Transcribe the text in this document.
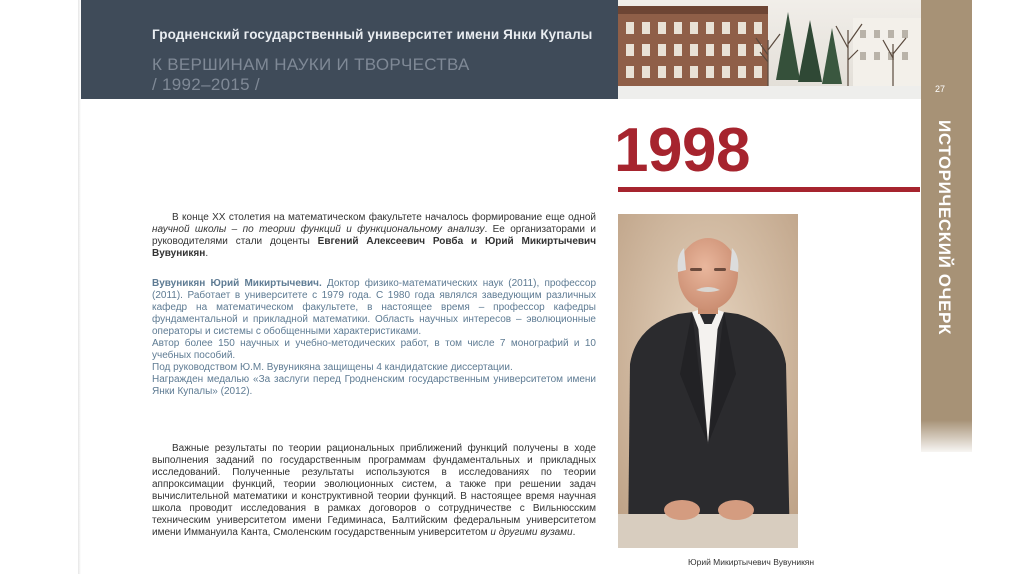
Гродненский государственный университет имени Янки Купалы
К ВЕРШИНАМ НАУКИ И ТВОРЧЕСТВА
/ 1992–2015 /	27
ИСТОРИЧЕСКИЙ ОЧЕРК
1998
В конце XX столетия на математическом факультете началось формирование еще одной научной школы – по теории функций и функциональному анализу. Ее организаторами и руководителями стали доценты Евгений Алексеевич Ровба и Юрий Микиртычевич Вувуникян.
Вувуникян Юрий Микиртычевич. Доктор физико-математических наук (2011), профессор (2011). Работает в университете с 1979 года. С 1980 года являлся заведующим различных кафедр на математическом факультете, в настоящее время – профессор кафедры фундаментальной и прикладной математики. Область научных интересов – эволюционные операторы и системы с обобщенными характеристиками.
Автор более 150 научных и учебно-методических работ, в том числе 7 монографий и 10 учебных пособий.
Под руководством Ю.М. Вувуникяна защищены 4 кандидатские диссертации.
Награжден медалью «За заслуги перед Гродненским государственным университетом имени Янки Купалы» (2012).
Важные результаты по теории рациональных приближений функций получены в ходе выполнения заданий по государственным программам фундаментальных и прикладных исследований. Полученные результаты используются в исследованиях по теории аппроксимации функций, теории эволюционных систем, а также при решении задач вычислительной математики и конструктивной теории функций. В настоящее время научная школа проводит исследования в рамках договоров о сотрудничестве с Вильнюсским техническим университетом имени Гедиминаса, Балтийским федеральным университетом имени Иммануила Канта, Смоленским государственным университетом и другими вузами.
Юрий Микиртычевич Вувуникян
